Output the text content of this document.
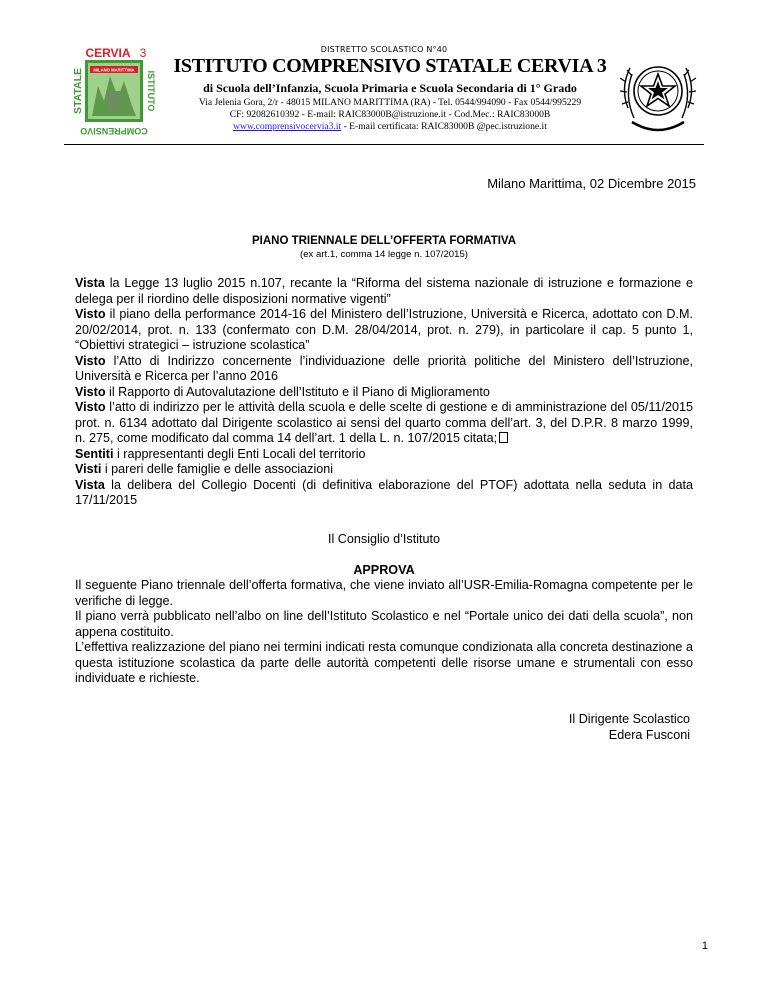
MILANO MARITTIMA
CERVIA 3
STATALE	ISTITUTO
COMPRENSIVO
DISTRETTO SCOLASTICO N°40
ISTITUTO COMPRENSIVO STATALE CERVIA 3
di Scuola dell’Infanzia, Scuola Primaria e Scuola Secondaria di 1° Grado
Via Jelenia Gora, 2/r - 48015 MILANO MARITTIMA (RA) - Tel. 0544/994090 - Fax 0544/995229
CF: 92082610392 - E-mail: RAIC83000B@istruzione.it - Cod.Mec.: RAIC83000B
www.comprensivocervia3.it - E-mail certificata: RAIC83000B @pec.istruzione.it
Milano Marittima, 02 Dicembre 2015
PIANO TRIENNALE DELL’OFFERTA FORMATIVA
(ex art.1, comma 14 legge n. 107/2015)

Vista la Legge 13 luglio 2015 n.107, recante la “Riforma del sistema nazionale di istruzione e formazione e delega per il riordino delle disposizioni normative vigenti”

Visto il piano della performance 2014-16 del Ministero dell’Istruzione, Università e Ricerca, adottato con D.M. 20/02/2014, prot. n. 133 (confermato con D.M. 28/04/2014, prot. n. 279), in particolare il cap. 5 punto 1, “Obiettivi strategici – istruzione scolastica”

Visto l’Atto di Indirizzo concernente l’individuazione delle priorità politiche del Ministero dell’Istruzione, Università e Ricerca per l’anno 2016

Visto il Rapporto di Autovalutazione dell’Istituto e il Piano di Miglioramento

Visto l’atto di indirizzo per le attività della scuola e delle scelte di gestione e di amministrazione del 05/11/2015 prot. n. 6134 adottato dal Dirigente scolastico ai sensi del quarto comma dell’art. 3, del D.P.R. 8 marzo 1999, n. 275, come modificato dal comma 14 dell’art. 1 della L. n. 107/2015 citata;

Sentiti i rappresentanti degli Enti Locali del territorio

Visti i pareri delle famiglie e delle associazioni

Vista la delibera del Collegio Docenti (di definitiva elaborazione del PTOF) adottata nella seduta in data 17/11/2015

Il Consiglio d’Istituto
APPROVA

Il seguente Piano triennale dell’offerta formativa, che viene inviato all’USR-Emilia-Romagna competente per le verifiche di legge.

Il piano verrà pubblicato nell’albo on line dell’Istituto Scolastico e nel “Portale unico dei dati della scuola”, non appena costituito.

L’effettiva realizzazione del piano nei termini indicati resta comunque condizionata alla concreta destinazione a questa istituzione scolastica da parte delle autorità competenti delle risorse umane e strumentali con esso individuate e richieste.

Il Dirigente Scolastico
Edera Fusconi
1
